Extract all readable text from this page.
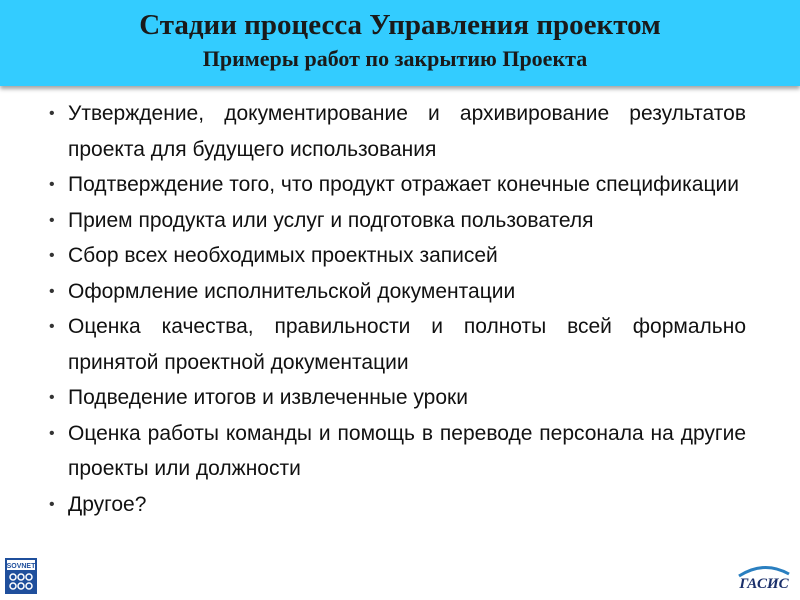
Стадии процесса Управления проектом
Примеры работ по закрытию Проекта
• Утверждение, документирование и архивирование результатов проекта для будущего использования
• Подтверждение того, что продукт отражает конечные спецификации
• Прием продукта или услуг и подготовка пользователя
• Сбор всех необходимых проектных записей
• Оформление исполнительской документации
• Оценка качества, правильности и полноты всей формально принятой проектной документации
• Подведение итогов и извлеченные уроки
• Оценка работы команды и помощь в переводе персонала на другие проекты или должности
• Другое?
SOVNET
ГАСИС
